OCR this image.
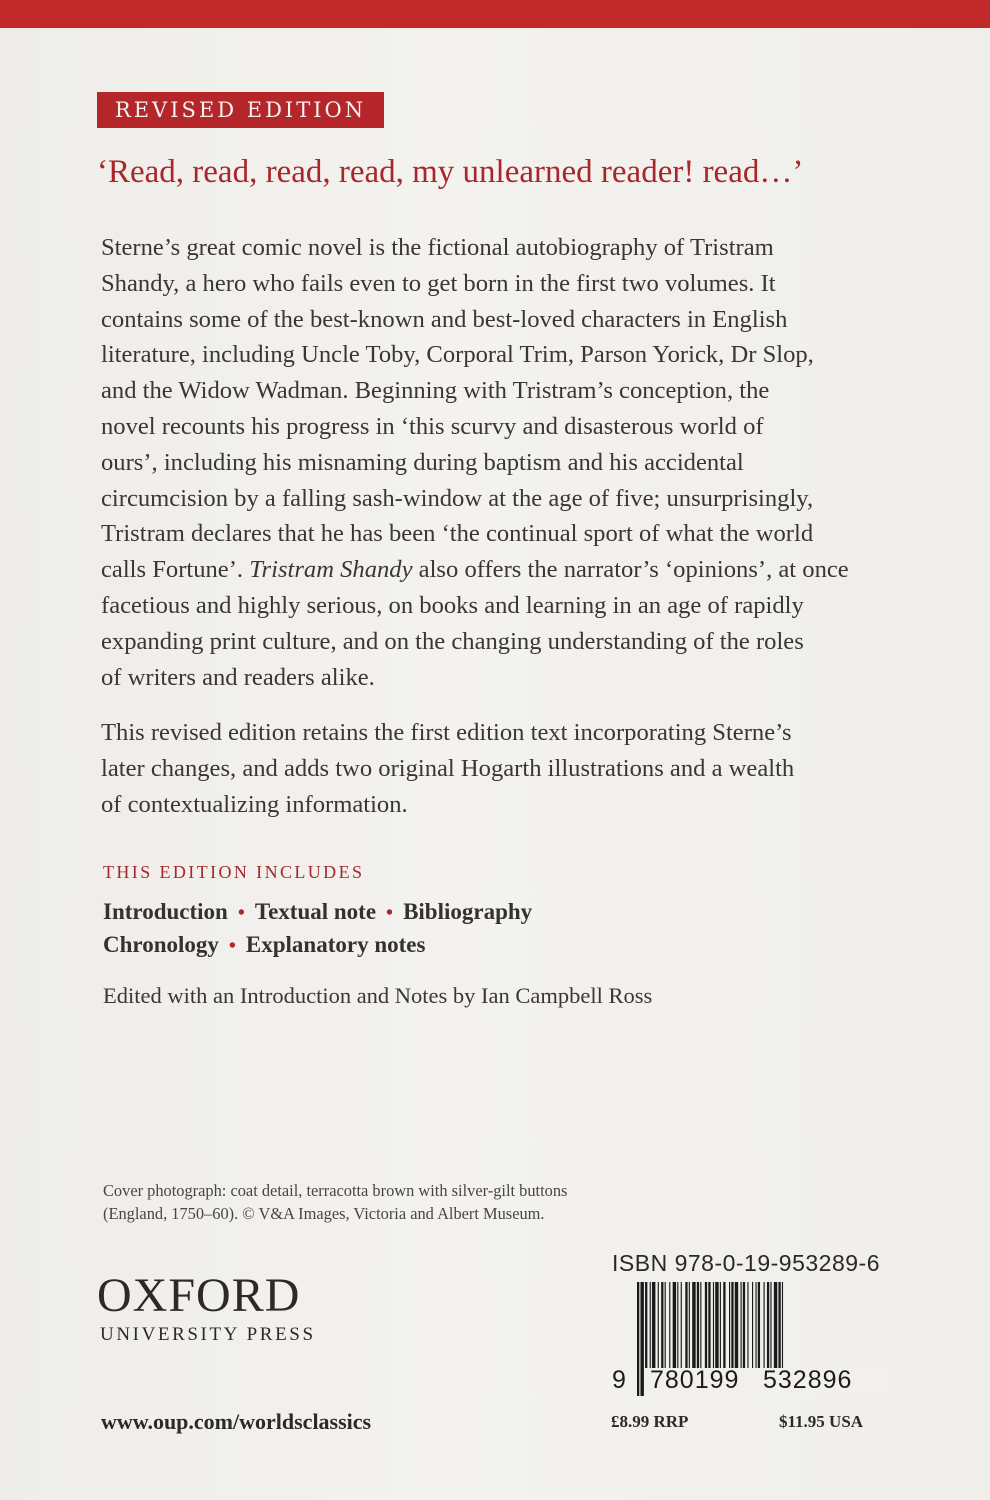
REVISED EDITION
‘Read, read, read, read, my unlearned reader! read…’
Sterne’s great comic novel is the fictional autobiography of Tristram
Shandy, a hero who fails even to get born in the first two volumes. It
contains some of the best-known and best-loved characters in English
literature, including Uncle Toby, Corporal Trim, Parson Yorick, Dr Slop,
and the Widow Wadman. Beginning with Tristram’s conception, the
novel recounts his progress in ‘this scurvy and disasterous world of
ours’, including his misnaming during baptism and his accidental
circumcision by a falling sash-window at the age of five; unsurprisingly,
Tristram declares that he has been ‘the continual sport of what the world
calls Fortune’. Tristram Shandy also offers the narrator’s ‘opinions’, at once
facetious and highly serious, on books and learning in an age of rapidly
expanding print culture, and on the changing understanding of the roles
of writers and readers alike.
This revised edition retains the first edition text incorporating Sterne’s
later changes, and adds two original Hogarth illustrations and a wealth
of contextualizing information.
THIS EDITION INCLUDES
Introduction • Textual note • Bibliography
Chronology • Explanatory notes
Edited with an Introduction and Notes by Ian Campbell Ross
Cover photograph: coat detail, terracotta brown with silver-gilt buttons
(England, 1750–60). © V&A Images, Victoria and Albert Museum.
OXFORD
UNIVERSITY PRESS
www.oup.com/worldsclassics
ISBN 978-0-19-953289-6
9 780199 532896
£8.99 RRP	$11.95 USA
